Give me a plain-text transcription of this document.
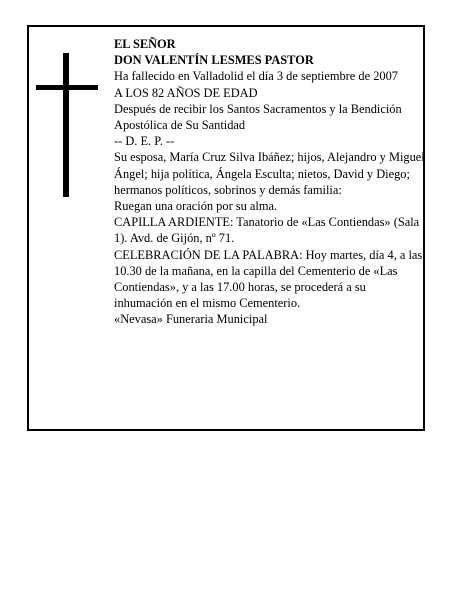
EL SEÑOR

DON VALENTÍN LESMES PASTOR

Ha fallecido en Valladolid el día 3 de septiembre de 2007

A LOS 82 AÑOS DE EDAD

Después de recibir los Santos Sacramentos y la Bendición Apostólica de Su Santidad

-- D. E. P. --

Su esposa, María Cruz Silva Ibáñez; hijos, Alejandro y Miguel Ángel; hija política, Ángela Esculta; nietos, David y Diego; hermanos políticos, sobrinos y demás familia:

Ruegan una oración por su alma.

CAPILLA ARDIENTE: Tanatorio de «Las Contiendas» (Sala 1). Avd. de Gijón, nº 71.

CELEBRACIÓN DE LA PALABRA: Hoy martes, día 4, a las 10.30 de la mañana, en la capilla del Cementerio de «Las Contiendas», y a las 17.00 horas, se procederá a su inhumación en el mismo Cementerio.

«Nevasa» Funeraria Municipal
